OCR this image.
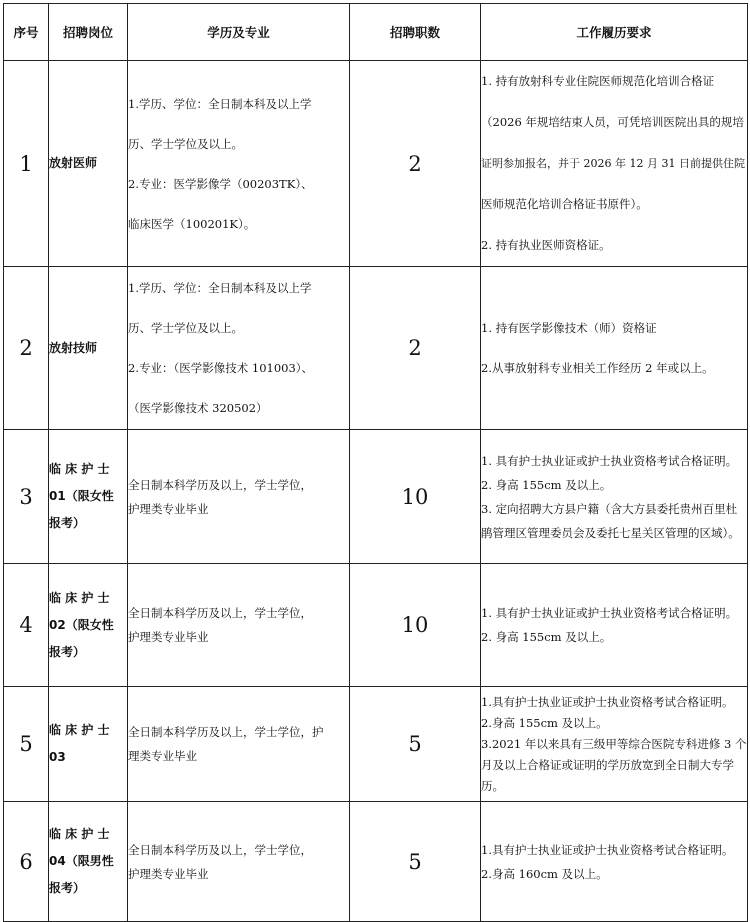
序号	招聘岗位	学历及专业	招聘职数	工作履历要求
1	放射医师	1.学历、学位：全日制本科及以上学
历、学士学位及以上。
2.专业：医学影像学（00203TK）、
临床医学（100201K）。	2	1. 持有放射科专业住院医师规范化培训合格证
（2026 年规培结束人员，可凭培训医院出具的规培
证明参加报名，并于 2026 年 12 月 31 日前提供住院
医师规范化培训合格证书原件）。
2. 持有执业医师资格证。

2	放射技师	1.学历、学位：全日制本科及以上学
历、学士学位及以上。
2.专业：（医学影像技术 101003）、
（医学影像技术 320502）	2	1. 持有医学影像技术（师）资格证
2.从事放射科专业相关工作经历 2 年或以上。

3	临 床 护 士
01（限女性
报考）	全日制本科学历及以上，学士学位，
护理类专业毕业	10	1. 具有护士执业证或护士执业资格考试合格证明。
2. 身高 155cm 及以上。
3. 定向招聘大方县户籍（含大方县委托贵州百里杜
鹃管理区管理委员会及委托七星关区管理的区域）。

4	临 床 护 士
02（限女性
报考）	全日制本科学历及以上，学士学位，
护理类专业毕业	10	1. 具有护士执业证或护士执业资格考试合格证明。
2. 身高 155cm 及以上。

5	临 床 护 士
03	全日制本科学历及以上，学士学位，护
理类专业毕业	5	1.具有护士执业证或护士执业资格考试合格证明。
2.身高 155cm 及以上。
3.2021 年以来具有三级甲等综合医院专科进修 3 个
月及以上合格证或证明的学历放宽到全日制大专学
历。

6	临 床 护 士
04（限男性
报考）	全日制本科学历及以上，学士学位，
护理类专业毕业	5	1.具有护士执业证或护士执业资格考试合格证明。
2.身高 160cm 及以上。
